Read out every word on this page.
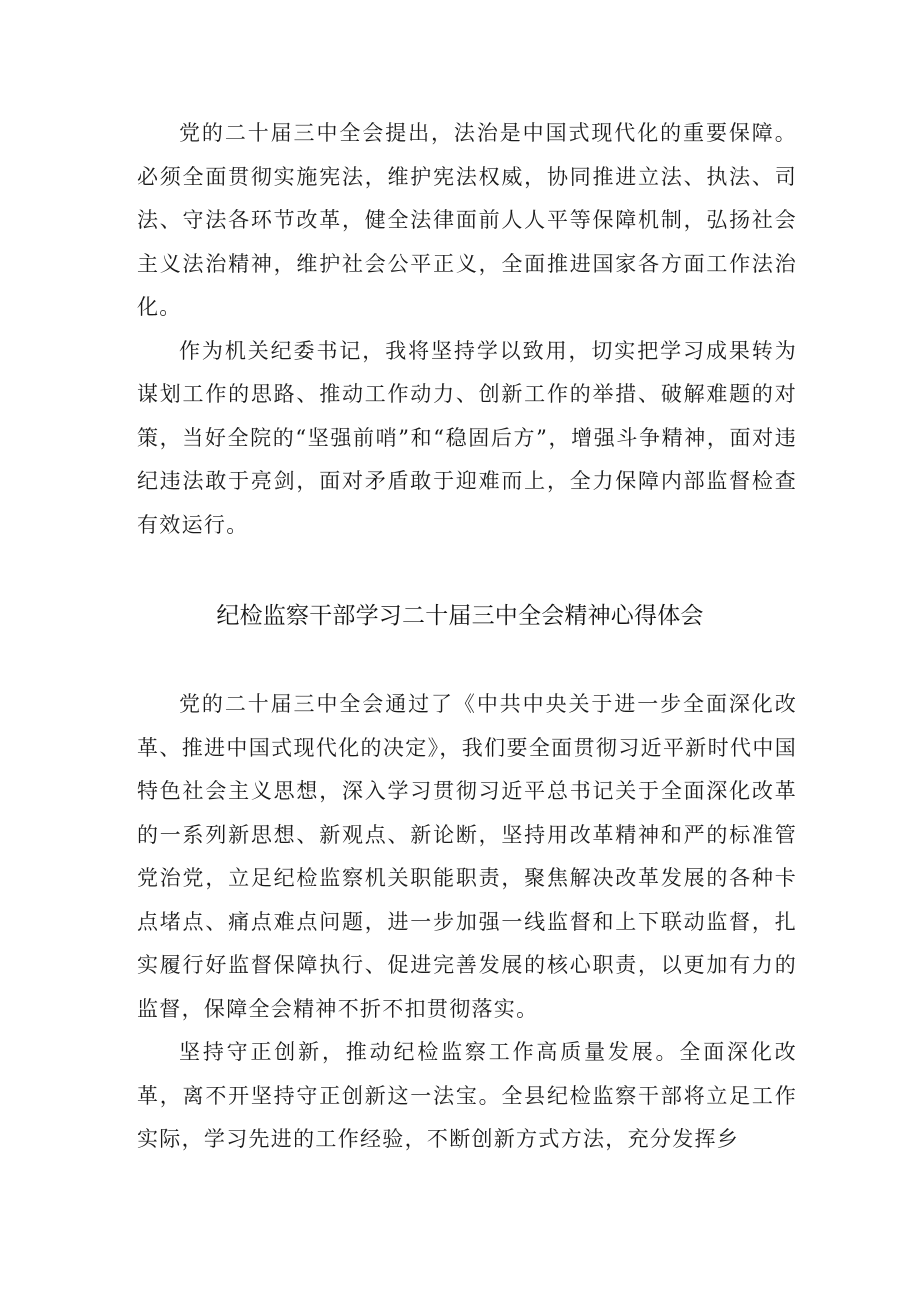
党的二十届三中全会提出，法治是中国式现代化的重要保障。必须全面贯彻实施宪法，维护宪法权威，协同推进立法、执法、司法、守法各环节改革，健全法律面前人人平等保障机制，弘扬社会主义法治精神，维护社会公平正义，全面推进国家各方面工作法治化。

作为机关纪委书记，我将坚持学以致用，切实把学习成果转为谋划工作的思路、推动工作动力、创新工作的举措、破解难题的对策，当好全院的“坚强前哨”和“稳固后方”，增强斗争精神，面对违纪违法敢于亮剑，面对矛盾敢于迎难而上，全力保障内部监督检查有效运行。

纪检监察干部学习二十届三中全会精神心得体会

党的二十届三中全会通过了《中共中央关于进一步全面深化改革、推进中国式现代化的决定》，我们要全面贯彻习近平新时代中国特色社会主义思想，深入学习贯彻习近平总书记关于全面深化改革的一系列新思想、新观点、新论断，坚持用改革精神和严的标准管党治党，立足纪检监察机关职能职责，聚焦解决改革发展的各种卡点堵点、痛点难点问题，进一步加强一线监督和上下联动监督，扎实履行好监督保障执行、促进完善发展的核心职责，以更加有力的监督，保障全会精神不折不扣贯彻落实。

坚持守正创新，推动纪检监察工作高质量发展。全面深化改革，离不开坚持守正创新这一法宝。全县纪检监察干部将立足工作实际，学习先进的工作经验，不断创新方式方法，充分发挥乡
